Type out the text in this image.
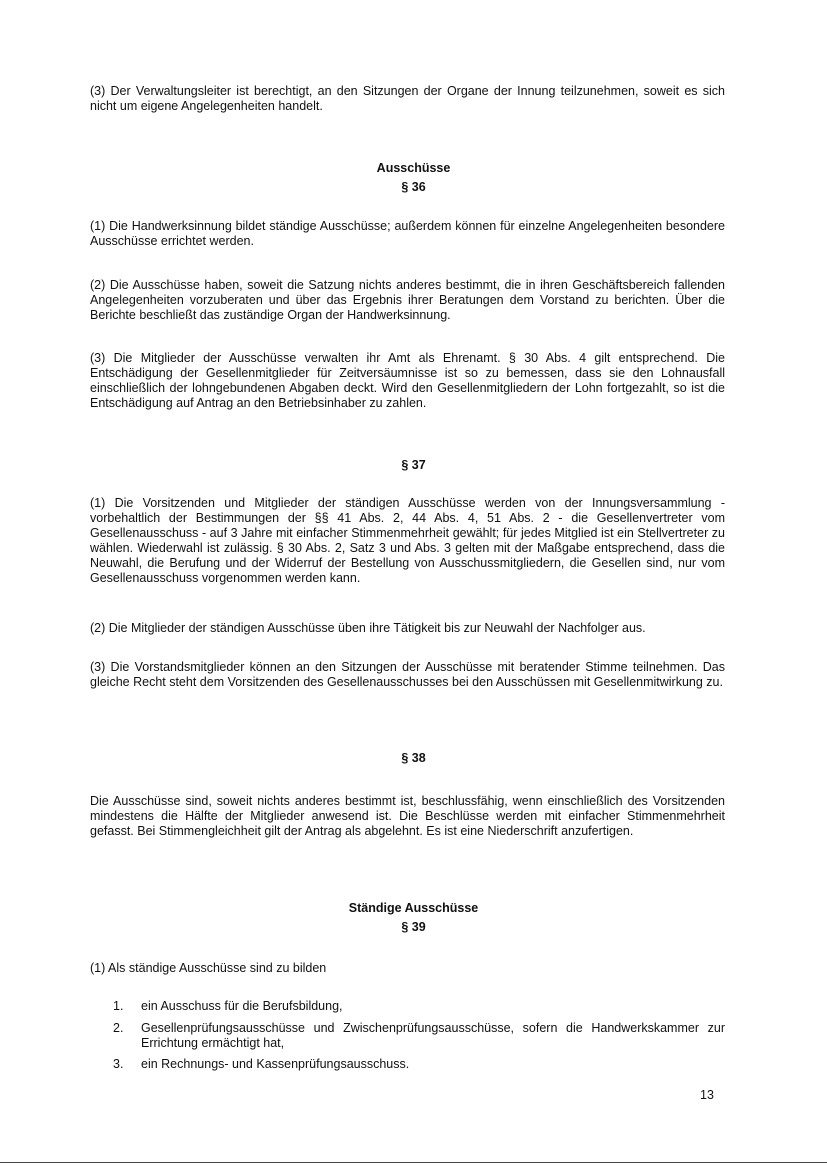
(3) Der Verwaltungsleiter ist berechtigt, an den Sitzungen der Organe der Innung teilzunehmen, soweit es sich nicht um eigene Angelegenheiten handelt.

Ausschüsse

§ 36

(1) Die Handwerksinnung bildet ständige Ausschüsse; außerdem können für einzelne Angelegenheiten besondere Ausschüsse errichtet werden.

(2) Die Ausschüsse haben, soweit die Satzung nichts anderes bestimmt, die in ihren Geschäftsbereich fallenden Angelegenheiten vorzuberaten und über das Ergebnis ihrer Beratungen dem Vorstand zu berichten. Über die Berichte beschließt das zuständige Organ der Handwerksinnung.

(3) Die Mitglieder der Ausschüsse verwalten ihr Amt als Ehrenamt. § 30 Abs. 4 gilt entsprechend. Die Entschädigung der Gesellenmitglieder für Zeitversäumnisse ist so zu bemessen, dass sie den Lohnausfall einschließlich der lohngebundenen Abgaben deckt. Wird den Gesellenmitgliedern der Lohn fortgezahlt, so ist die Entschädigung auf Antrag an den Betriebsinhaber zu zahlen.

§ 37

(1) Die Vorsitzenden und Mitglieder der ständigen Ausschüsse werden von der Innungsversammlung - vorbehaltlich der Bestimmungen der §§ 41 Abs. 2, 44 Abs. 4, 51 Abs. 2 - die Gesellenvertreter vom Gesellenausschuss - auf 3 Jahre mit einfacher Stimmenmehrheit gewählt; für jedes Mitglied ist ein Stellvertreter zu wählen. Wiederwahl ist zulässig. § 30 Abs. 2, Satz 3 und Abs. 3 gelten mit der Maßgabe entsprechend, dass die Neuwahl, die Berufung und der Widerruf der Bestellung von Ausschussmitgliedern, die Gesellen sind, nur vom Gesellenausschuss vorgenommen werden kann.

(2) Die Mitglieder der ständigen Ausschüsse üben ihre Tätigkeit bis zur Neuwahl der Nachfolger aus.

(3) Die Vorstandsmitglieder können an den Sitzungen der Ausschüsse mit beratender Stimme teilnehmen. Das gleiche Recht steht dem Vorsitzenden des Gesellenausschusses bei den Ausschüssen mit Gesellenmitwirkung zu.

§ 38

Die Ausschüsse sind, soweit nichts anderes bestimmt ist, beschlussfähig, wenn einschließlich des Vorsitzenden mindestens die Hälfte der Mitglieder anwesend ist. Die Beschlüsse werden mit einfacher Stimmenmehrheit gefasst. Bei Stimmengleichheit gilt der Antrag als abgelehnt. Es ist eine Niederschrift anzufertigen.

Ständige Ausschüsse

§ 39

(1) Als ständige Ausschüsse sind zu bilden

1. ein Ausschuss für die Berufsbildung,
2. Gesellenprüfungsausschüsse und Zwischenprüfungsausschüsse, sofern die Handwerkskammer zur Errichtung ermächtigt hat,
3. ein Rechnungs- und Kassenprüfungsausschuss.
13
